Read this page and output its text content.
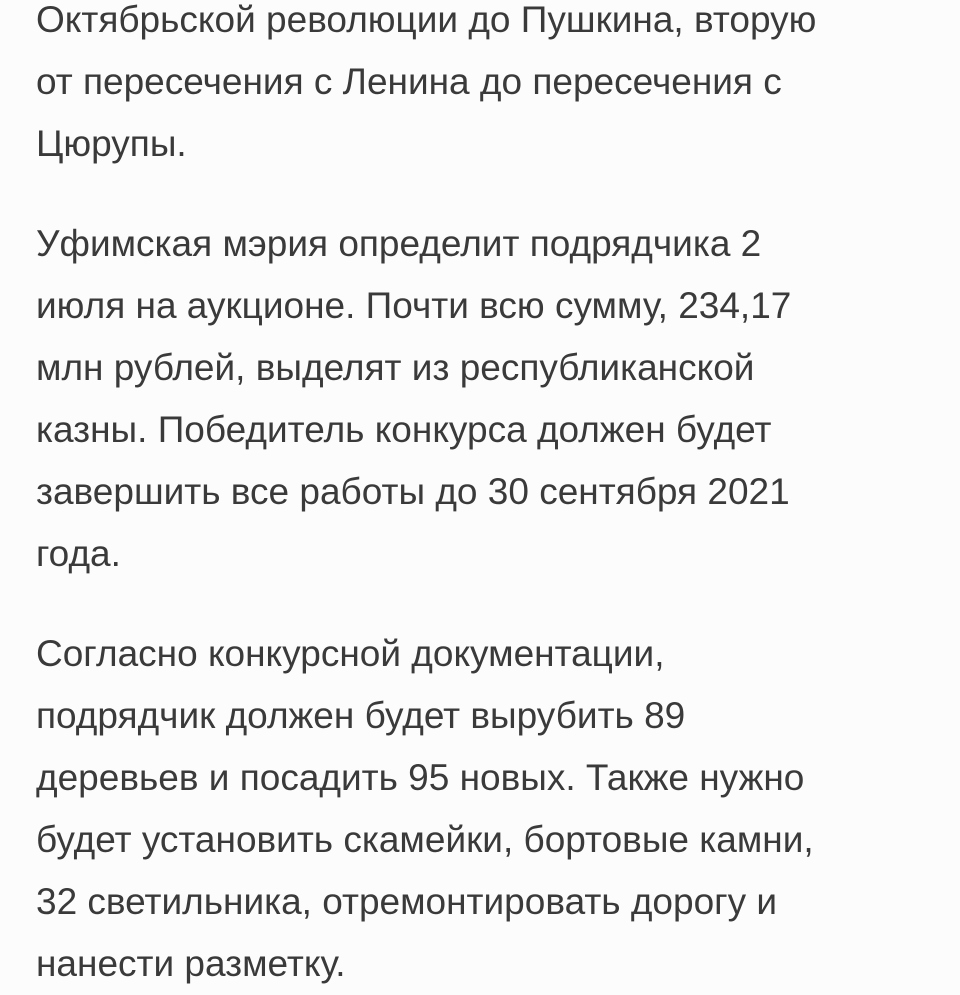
Октябрьской революции до Пушкина, вторую
от пересечения с Ленина до пересечения с
Цюрупы.

Уфимская мэрия определит подрядчика 2
июля на аукционе. Почти всю сумму, 234,17
млн рублей, выделят из республиканской
казны. Победитель конкурса должен будет
завершить все работы до 30 сентября 2021
года.

Согласно конкурсной документации,
подрядчик должен будет вырубить 89
деревьев и посадить 95 новых. Также нужно
будет установить скамейки, бортовые камни,
32 светильника, отремонтировать дорогу и
нанести разметку.
